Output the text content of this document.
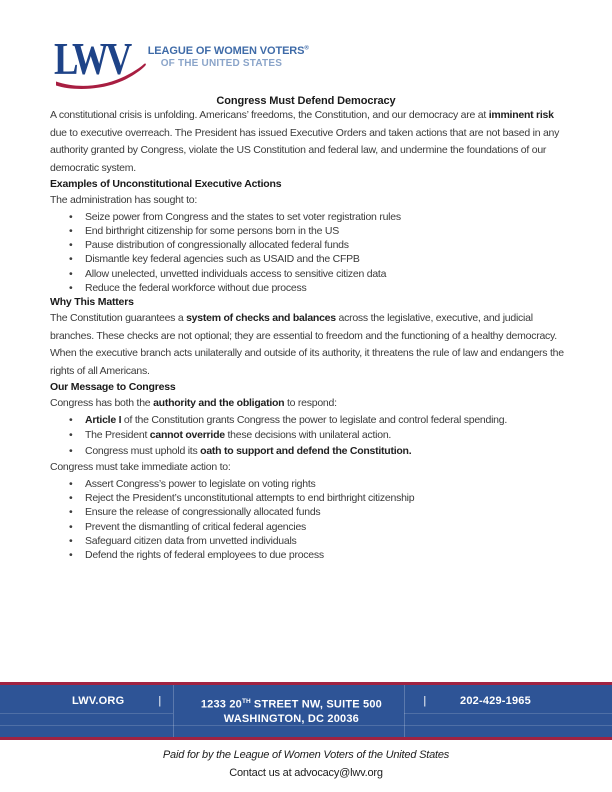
LWV LEAGUE OF WOMEN VOTERS®
OF THE UNITED STATES
Congress Must Defend Democracy

A constitutional crisis is unfolding. Americans’ freedoms, the Constitution, and our democracy are at imminent risk due to executive overreach. The President has issued Executive Orders and taken actions that are not based in any authority granted by Congress, violate the US Constitution and federal law, and undermine the foundations of our democratic system.

Examples of Unconstitutional Executive Actions

The administration has sought to:

• Seize power from Congress and the states to set voter registration rules
• End birthright citizenship for some persons born in the US
• Pause distribution of congressionally allocated federal funds
• Dismantle key federal agencies such as USAID and the CFPB
• Allow unelected, unvetted individuals access to sensitive citizen data
• Reduce the federal workforce without due process
Why This Matters

The Constitution guarantees a system of checks and balances across the legislative, executive, and judicial branches. These checks are not optional; they are essential to freedom and the functioning of a healthy democracy. When the executive branch acts unilaterally and outside of its authority, it threatens the rule of law and endangers the rights of all Americans.

Our Message to Congress

Congress has both the authority and the obligation to respond:

• Article I of the Constitution grants Congress the power to legislate and control federal spending.
• The President cannot override these decisions with unilateral action.
• Congress must uphold its oath to support and defend the Constitution.

Congress must take immediate action to:

• Assert Congress’s power to legislate on voting rights
• Reject the President’s unconstitutional attempts to end birthright citizenship
• Ensure the release of congressionally allocated funds
• Prevent the dismantling of critical federal agencies
• Safeguard citizen data from unvetted individuals
• Defend the rights of federal employees to due process
LWV.ORG	|	1233 20TH STREET NW, SUITE 500
WASHINGTON, DC 20036
|	202-429-1965

Paid for by the League of Women Voters of the United States

Contact us at advocacy@lwv.org
